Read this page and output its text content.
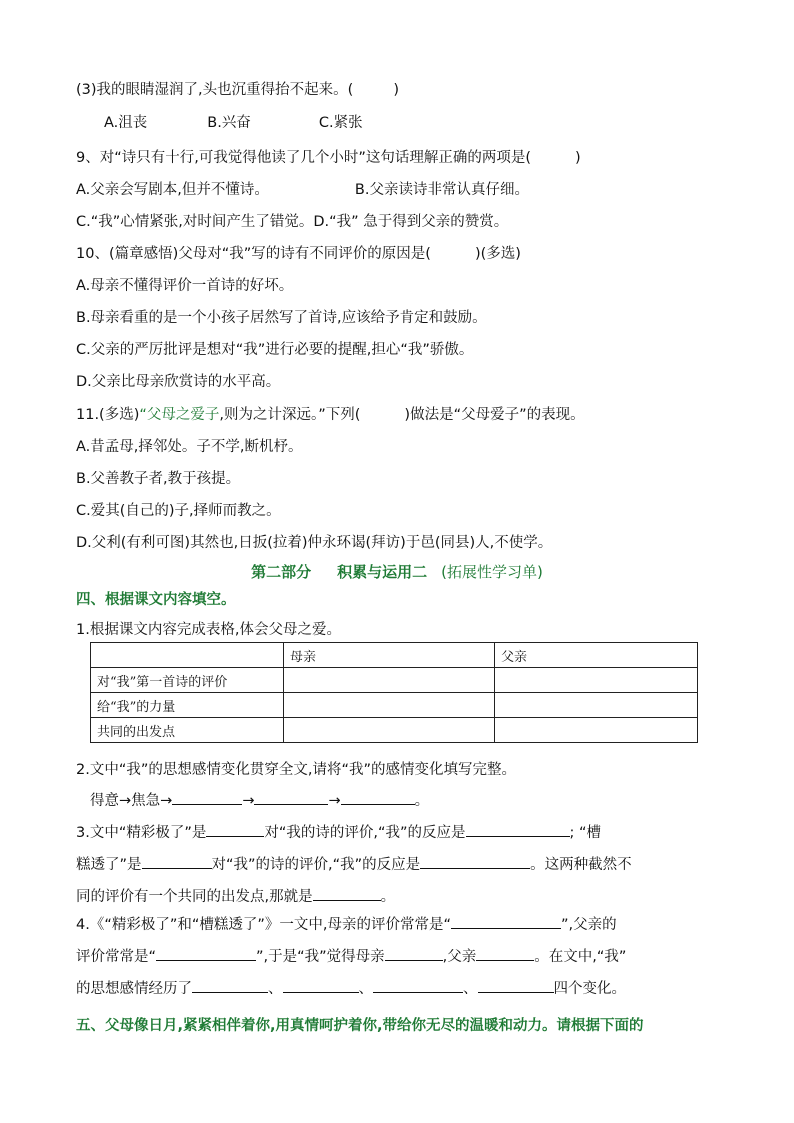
(3)我的眼睛湿润了,头也沉重得抬不起来。(	)
A.沮丧	B.兴奋	C.紧张
9、对“诗只有十行,可我觉得他读了几个小时”这句话理解正确的两项是(	)
A.父亲会写剧本,但并不懂诗。	B.父亲读诗非常认真仔细。
C.“我”心情紧张,对时间产生了错觉。D.“我” 急于得到父亲的赞赏。
10、(篇章感悟)父母对“我”写的诗有不同评价的原因是(	)(多选)
A.母亲不懂得评价一首诗的好坏。
B.母亲看重的是一个小孩子居然写了首诗,应该给予肯定和鼓励。
C.父亲的严厉批评是想对“我”进行必要的提醒,担心“我”骄傲。
D.父亲比母亲欣赏诗的水平高。
11.(多选)“父母之爱子,则为之计深远。”下列(	)做法是“父母爱子”的表现。
A.昔孟母,择邻处。子不学,断机杼。
B.父善教子者,教于孩提。
C.爱其(自己的)子,择师而教之。
D.父利(有利可图)其然也,日扳(拉着)仲永环谒(拜访)于邑(同县)人,不使学。
第二部分 积累与运用二 (拓展性学习单)
四、根据课文内容填空。
1.根据课文内容完成表格,体会父母之爱。
	母亲	父亲
对“我”第一首诗的评价		
给“我”的力量		
共同的出发点		
2.文中“我”的思想感情变化贯穿全文,请将“我”的感情变化填写完整。
得意→焦急→	→	→	。
3.文中“精彩极了”是	对“我的诗的评价,“我”的反应是	; “槽
糕透了”是	对“我”的诗的评价,“我”的反应是	。这两种截然不
同的评价有一个共同的出发点,那就是	。
4.《“精彩极了”和“槽糕透了”》一文中,母亲的评价常常是“	”,父亲的
评价常常是“	”,于是“我”觉得母亲	,父亲	。在文中,“我”
的思想感情经历了	、	、	、	四个变化。
五、父母像日月,紧紧相伴着你,用真情呵护着你,带给你无尽的温暖和动力。请根据下面的
